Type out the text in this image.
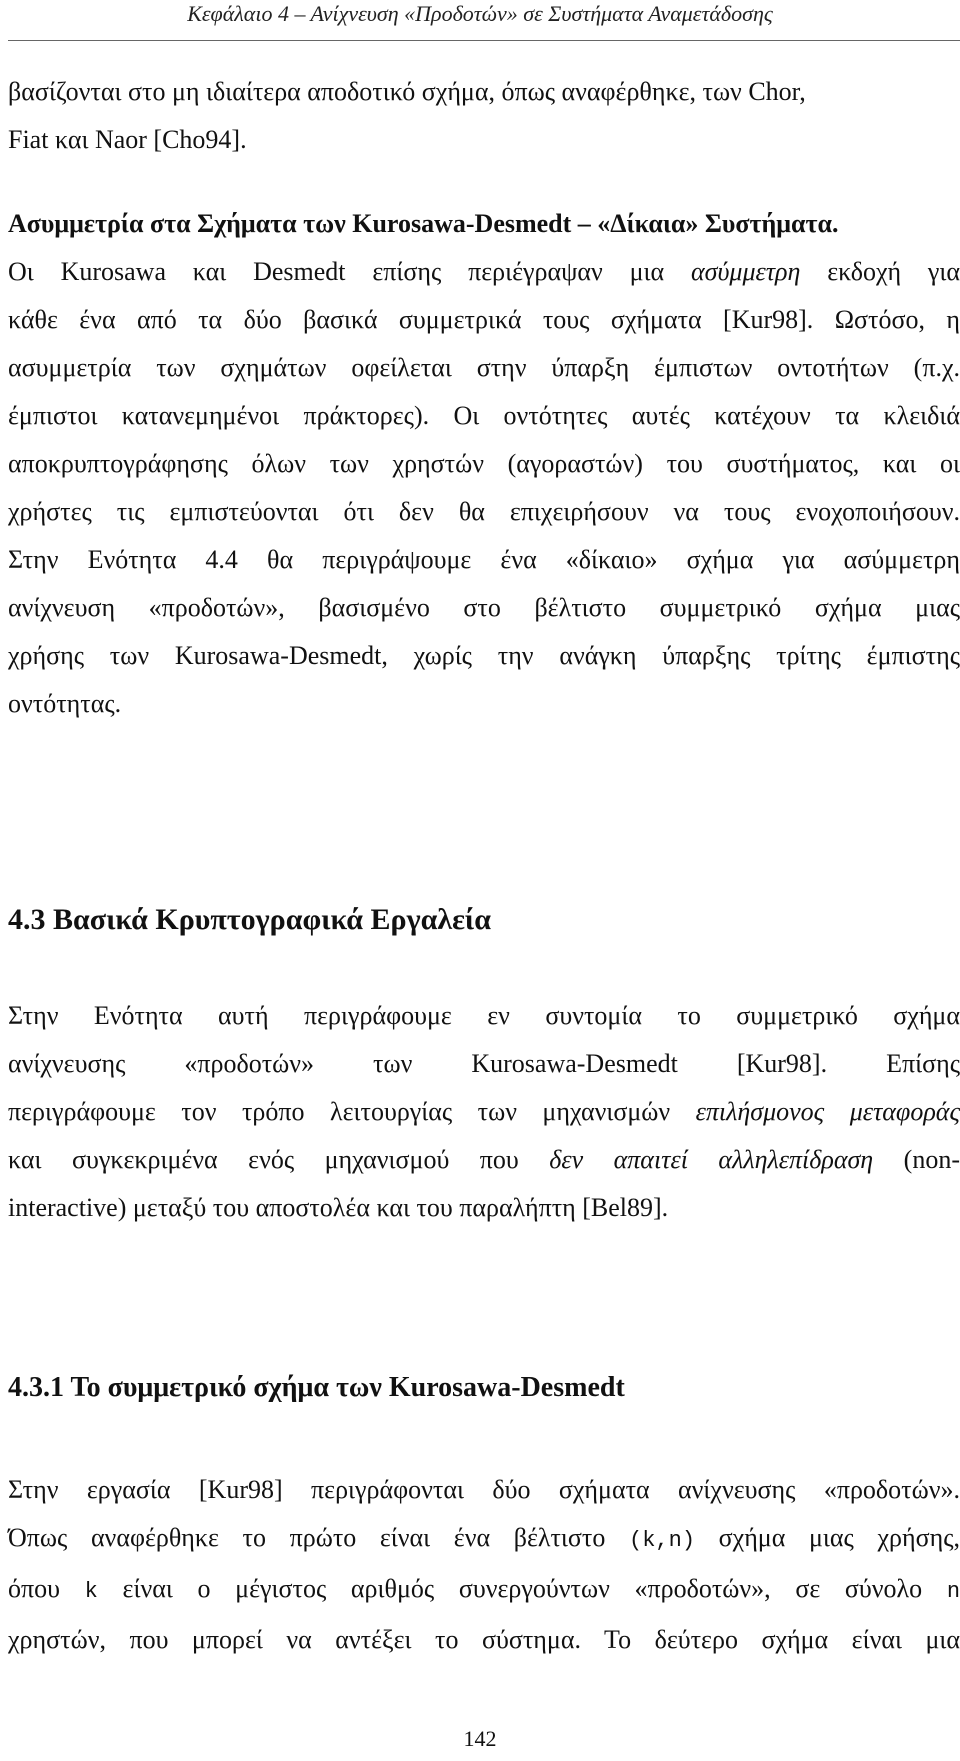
Κεφάλαιο 4 – Ανίχνευση «Προδοτών» σε Συστήματα Αναμετάδοσης
βασίζονται στο μη ιδιαίτερα αποδοτικό σχήμα, όπως αναφέρθηκε, των Chor,
Fiat και Naor [Cho94].
Ασυμμετρία στα Σχήματα των Kurosawa-Desmedt – «Δίκαια» Συστήματα.
Οι Kurosawa και Desmedt επίσης περιέγραψαν μια ασύμμετρη εκδοχή για
κάθε ένα από τα δύο βασικά συμμετρικά τους σχήματα [Kur98]. Ωστόσο, η
ασυμμετρία των σχημάτων οφείλεται στην ύπαρξη έμπιστων οντοτήτων (π.χ.
έμπιστοι κατανεμημένοι πράκτορες). Οι οντότητες αυτές κατέχουν τα κλειδιά
αποκρυπτογράφησης όλων των χρηστών (αγοραστών) του συστήματος, και οι
χρήστες τις εμπιστεύονται ότι δεν θα επιχειρήσουν να τους ενοχοποιήσουν.
Στην Ενότητα 4.4 θα περιγράψουμε ένα «δίκαιο» σχήμα για ασύμμετρη
ανίχνευση «προδοτών», βασισμένο στο βέλτιστο συμμετρικό σχήμα μιας
χρήσης των Kurosawa-Desmedt, χωρίς την ανάγκη ύπαρξης τρίτης έμπιστης
οντότητας.
4.3 Βασικά Κρυπτογραφικά Εργαλεία
Στην Ενότητα αυτή περιγράφουμε εν συντομία το συμμετρικό σχήμα
ανίχνευσης «προδοτών» των Kurosawa-Desmedt [Kur98]. Επίσης
περιγράφουμε τον τρόπο λειτουργίας των μηχανισμών επιλήσμονος μεταφοράς
και συγκεκριμένα ενός μηχανισμού που δεν απαιτεί αλληλεπίδραση (non-
interactive) μεταξύ του αποστολέα και του παραλήπτη [Bel89].
4.3.1 Το συμμετρικό σχήμα των Kurosawa-Desmedt
Στην εργασία [Kur98] περιγράφονται δύο σχήματα ανίχνευσης «προδοτών».
Όπως αναφέρθηκε το πρώτο είναι ένα βέλτιστο (k,n) σχήμα μιας χρήσης,
όπου k είναι ο μέγιστος αριθμός συνεργούντων «προδοτών», σε σύνολο n
χρηστών, που μπορεί να αντέξει το σύστημα. Το δεύτερο σχήμα είναι μια
142
